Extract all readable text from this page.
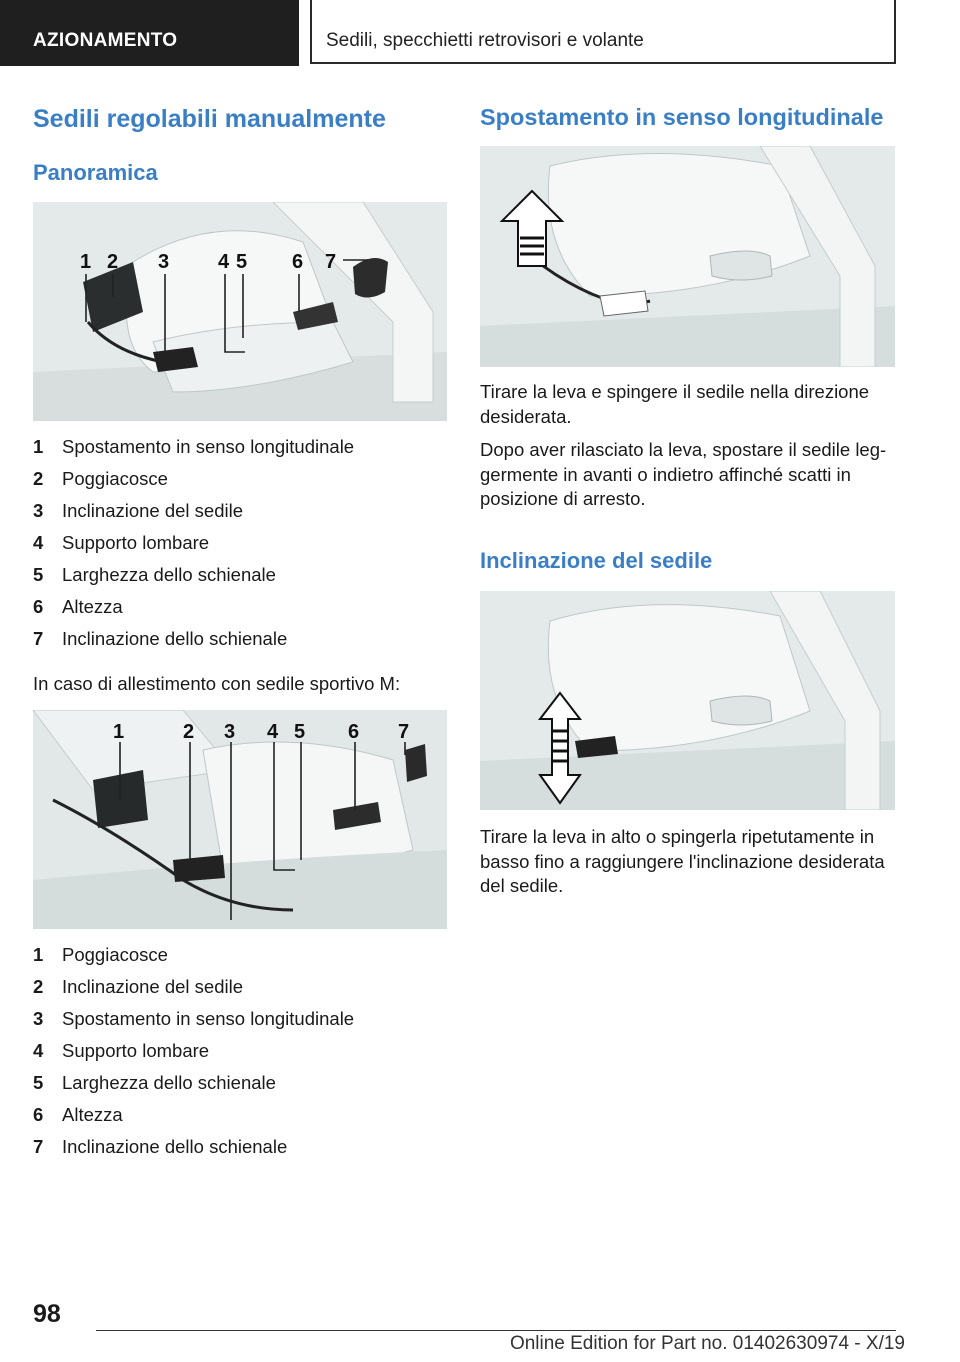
AZIONAMENTO	Sedili, specchietti retrovisori e volante
Sedili regolabili manualmente
Panoramica
1 2 3 4 5 6 7
1	Spostamento in senso longitudinale
2	Poggiacosce
3	Inclinazione del sedile
4	Supporto lombare
5	Larghezza dello schienale
6	Altezza
7	Inclinazione dello schienale

In caso di allestimento con sedile sportivo M:

1	2 3 4 5 6 7
1	Poggiacosce
2	Inclinazione del sedile
3	Spostamento in senso longitudinale
4	Supporto lombare
5	Larghezza dello schienale
6	Altezza
7	Inclinazione dello schienale
Spostamento in senso longitudinale

Tirare la leva e spingere il sedile nella direzione desiderata.

Dopo aver rilasciato la leva, spostare il sedile leg-germente in avanti o indietro affinché scatti in posizione di arresto.

Inclinazione del sedile

Tirare la leva in alto o spingerla ripetutamente in basso fino a raggiungere l'inclinazione desiderata del sedile.

98
Online Edition for Part no. 01402630974 - X/19
